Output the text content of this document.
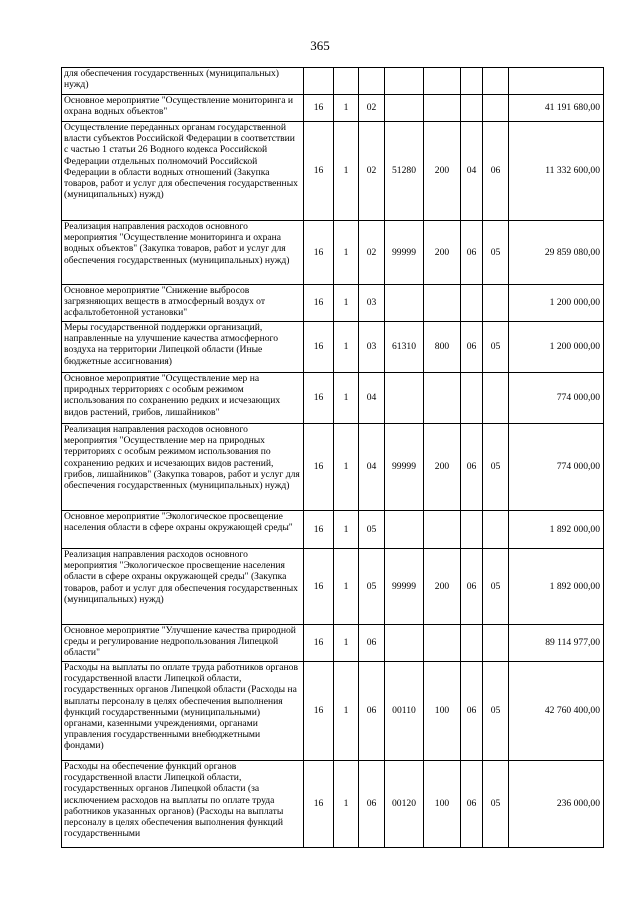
365
для обеспечения государственных (муниципальных) нужд)								
Основное мероприятие "Осуществление мониторинга и охрана водных объектов"	16	1	02					41 191 680,00
Осуществление переданных органам государственной власти субъектов Российской Федерации в соответствии с частью 1 статьи 26 Водного кодекса Российской Федерации отдельных полномочий Российской Федерации в области водных отношений (Закупка товаров, работ и услуг для обеспечения государственных (муниципальных) нужд)	16	1	02	51280	200	04	06	11 332 600,00
Реализация направления расходов основного мероприятия "Осуществление мониторинга и охрана водных объектов" (Закупка товаров, работ и услуг для обеспечения государственных (муниципальных) нужд)	16	1	02	99999	200	06	05	29 859 080,00
Основное мероприятие "Снижение выбросов загрязняющих веществ в атмосферный воздух от асфальтобетонной установки"	16	1	03					1 200 000,00
Меры государственной поддержки организаций, направленные на улучшение качества атмосферного воздуха на территории Липецкой области (Иные бюджетные ассигнования)	16	1	03	61310	800	06	05	1 200 000,00
Основное мероприятие "Осуществление мер на природных территориях с особым режимом использования по сохранению редких и исчезающих видов растений, грибов, лишайников"	16	1	04					774 000,00
Реализация направления расходов основного мероприятия "Осуществление мер на природных территориях с особым режимом использования по сохранению редких и исчезающих видов растений, грибов, лишайников" (Закупка товаров, работ и услуг для обеспечения государственных (муниципальных) нужд)	16	1	04	99999	200	06	05	774 000,00
Основное мероприятие "Экологическое просвещение населения области в сфере охраны окружающей среды"	16	1	05					1 892 000,00
Реализация направления расходов основного мероприятия "Экологическое просвещение населения области в сфере охраны окружающей среды" (Закупка товаров, работ и услуг для обеспечения государственных (муниципальных) нужд)	16	1	05	99999	200	06	05	1 892 000,00
Основное мероприятие "Улучшение качества природной среды и регулирование недропользования Липецкой области"	16	1	06					89 114 977,00
Расходы на выплаты по оплате труда работников органов государственной власти Липецкой области, государственных органов Липецкой области (Расходы на выплаты персоналу в целях обеспечения выполнения функций государственными (муниципальными) органами, казенными учреждениями, органами управления государственными внебюджетными фондами)	16	1	06	00110	100	06	05	42 760 400,00
Расходы на обеспечение функций органов государственной власти Липецкой области, государственных органов Липецкой области (за исключением расходов на выплаты по оплате труда работников указанных органов) (Расходы на выплаты персоналу в целях обеспечения выполнения функций государственными	16	1	06	00120	100	06	05	236 000,00
